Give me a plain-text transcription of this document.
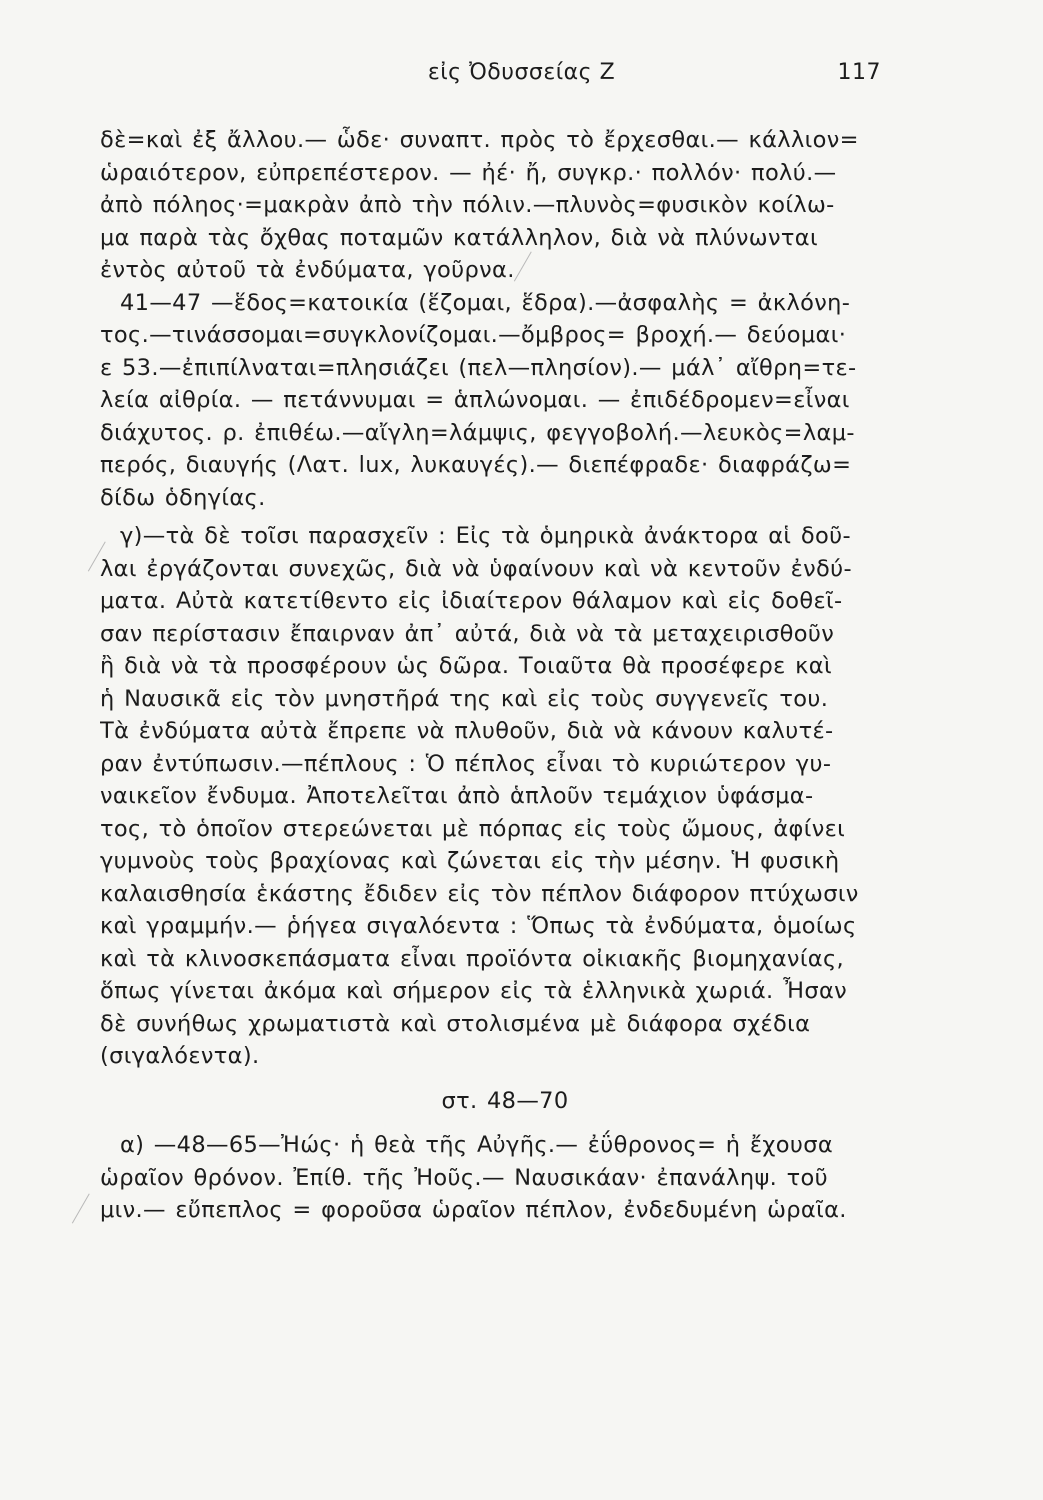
εἰς Ὀδυσσείας Ζ	117
δὲ=καὶ ἐξ ἄλλου.— ὧδε· συναπτ. πρὸς τὸ ἔρχεσθαι.— κάλλιον=
ὡραιότερον, εὐπρεπέστερον. — ἠέ· ἤ, συγκρ.· πολλόν· πολύ.—
ἀπὸ πόληος·=μακρὰν ἀπὸ τὴν πόλιν.—πλυνὸς=φυσικὸν κοίλω-
μα παρὰ τὰς ὄχθας ποταμῶν κατάλληλον, διὰ νὰ πλύνωνται
ἐντὸς αὐτοῦ τὰ ἐνδύματα, γοῦρνα.
41—47 —ἕδος=κατοικία (ἕζομαι, ἕδρα).—ἀσφαλὴς = ἀκλόνη-
τος.—τινάσσομαι=συγκλονίζομαι.—ὄμβρος= βροχή.— δεύομαι·
ε 53.—ἐπιπίλναται=πλησιάζει (πελ—πλησίον).— μάλ᾽ αἴθρη=τε-
λεία αἰθρία. — πετάννυμαι = ἁπλώνομαι. — ἐπιδέδρομεν=εἶναι
διάχυτος. ρ. ἐπιθέω.—αἴγλη=λάμψις, φεγγοβολή.—λευκὸς=λαμ-
περός, διαυγής (Λατ. lux, λυκαυγές).— διεπέφραδε· διαφράζω=
δίδω ὁδηγίας.
γ)—τὰ δὲ τοῖσι παρασχεῖν : Εἰς τὰ ὁμηρικὰ ἀνάκτορα αἱ δοῦ-
λαι ἐργάζονται συνεχῶς, διὰ νὰ ὑφαίνουν καὶ νὰ κεντοῦν ἐνδύ-
ματα. Αὐτὰ κατετίθεντο εἰς ἰδιαίτερον θάλαμον καὶ εἰς δοθεῖ-
σαν περίστασιν ἔπαιρναν ἀπ᾽ αὐτά, διὰ νὰ τὰ μεταχειρισθοῦν
ἢ διὰ νὰ τὰ προσφέρουν ὡς δῶρα. Τοιαῦτα θὰ προσέφερε καὶ
ἡ Ναυσικᾶ εἰς τὸν μνηστῆρά της καὶ εἰς τοὺς συγγενεῖς του.
Τὰ ἐνδύματα αὐτὰ ἔπρεπε νὰ πλυθοῦν, διὰ νὰ κάνουν καλυτέ-
ραν ἐντύπωσιν.—πέπλους : Ὁ πέπλος εἶναι τὸ κυριώτερον γυ-
ναικεῖον ἔνδυμα. Ἀποτελεῖται ἀπὸ ἁπλοῦν τεμάχιον ὑφάσμα-
τος, τὸ ὁποῖον στερεώνεται μὲ πόρπας εἰς τοὺς ὤμους, ἀφίνει
γυμνοὺς τοὺς βραχίονας καὶ ζώνεται εἰς τὴν μέσην. Ἡ φυσικὴ
καλαισθησία ἑκάστης ἔδιδεν εἰς τὸν πέπλον διάφορον πτύχωσιν
καὶ γραμμήν.— ῥήγεα σιγαλόεντα : Ὅπως τὰ ἐνδύματα, ὁμοίως
καὶ τὰ κλινοσκεπάσματα εἶναι προϊόντα οἰκιακῆς βιομηχανίας,
ὅπως γίνεται ἀκόμα καὶ σήμερον εἰς τὰ ἑλληνικὰ χωριά. Ἦσαν
δὲ συνήθως χρωματιστὰ καὶ στολισμένα μὲ διάφορα σχέδια
(σιγαλόεντα).
στ. 48—70
α) —48—65—Ἠώς· ἡ θεὰ τῆς Αὐγῆς.— ἐΰθρονος= ἡ ἔχουσα
ὡραῖον θρόνον. Ἐπίθ. τῆς Ἠοῦς.— Ναυσικάαν· ἐπανάληψ. τοῦ
μιν.— εὔπεπλος = φοροῦσα ὡραῖον πέπλον, ἐνδεδυμένη ὡραῖα.
